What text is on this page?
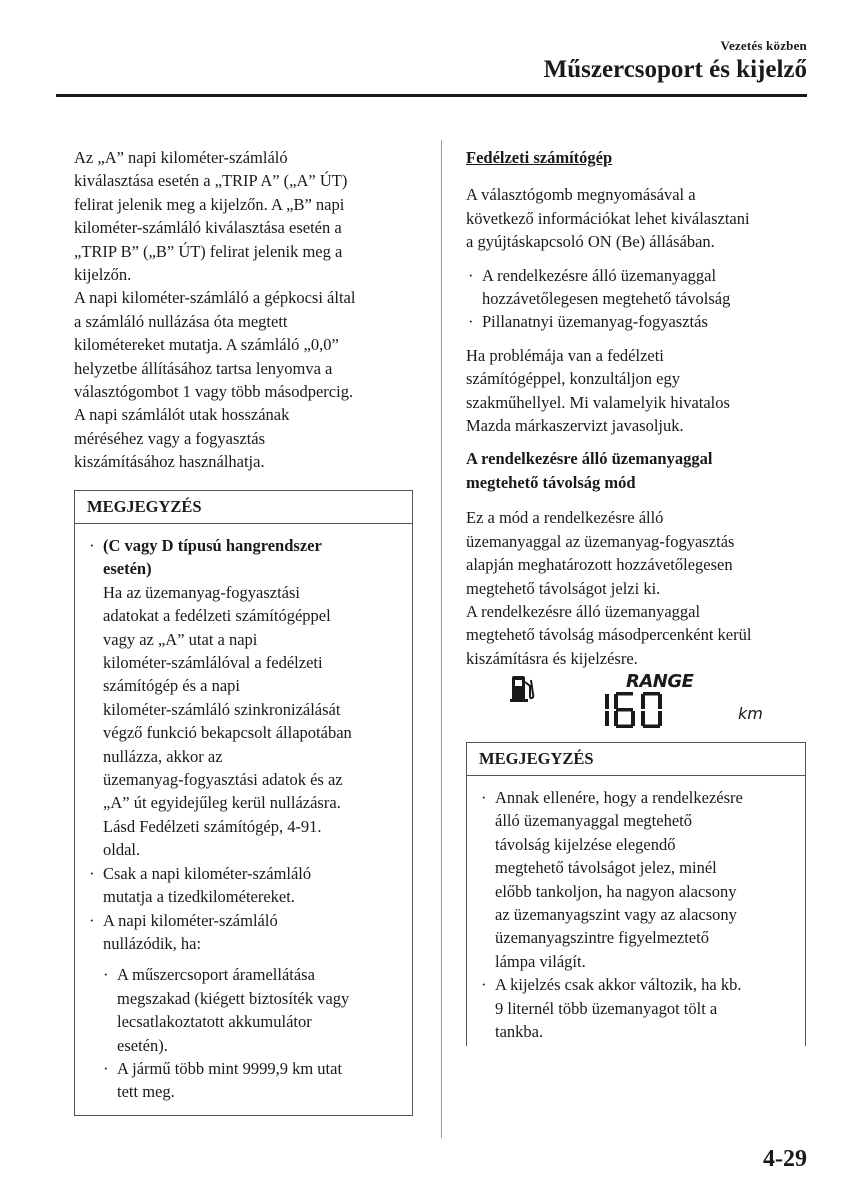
Vezetés közben
Műszercsoport és kijelző

Az „A” napi kilométer-számláló
kiválasztása esetén a „TRIP A” („A” ÚT)
felirat jelenik meg a kijelzőn. A „B” napi
kilométer-számláló kiválasztása esetén a
„TRIP B” („B” ÚT) felirat jelenik meg a
kijelzőn.

A napi kilométer-számláló a gépkocsi által
a számláló nullázása óta megtett
kilométereket mutatja. A számláló „0,0”
helyzetbe állításához tartsa lenyomva a
választógombot 1 vagy több másodpercig.
A napi számlálót utak hosszának
méréséhez vagy a fogyasztás
kiszámításához használhatja.

MEGJEGYZÉS
· (C vagy D típusú hangrendszer
esetén)
Ha az üzemanyag-fogyasztási
adatokat a fedélzeti számítógéppel
vagy az „A” utat a napi
kilométer-számlálóval a fedélzeti
számítógép és a napi
kilométer-számláló szinkronizálását
végző funkció bekapcsolt állapotában
nullázza, akkor az
üzemanyag-fogyasztási adatok és az
„A” út egyidejűleg kerül nullázásra.
Lásd Fedélzeti számítógép, 4-91.
oldal.
· Csak a napi kilométer-számláló
mutatja a tizedkilométereket.
· A napi kilométer-számláló
nullázódik, ha:
· A műszercsoport áramellátása
megszakad (kiégett biztosíték vagy
lecsatlakoztatott akkumulátor
esetén).
· A jármű több mint 9999,9 km utat
tett meg.

Fedélzeti számítógép

A választógomb megnyomásával a
következő információkat lehet kiválasztani
a gyújtáskapcsoló ON (Be) állásában.

· A rendelkezésre álló üzemanyaggal
hozzávetőlegesen megtehető távolság
· Pillanatnyi üzemanyag-fogyasztás

Ha problémája van a fedélzeti
számítógéppel, konzultáljon egy
szakműhellyel. Mi valamelyik hivatalos
Mazda márkaszervizt javasoljuk.

A rendelkezésre álló üzemanyaggal
megtehető távolság mód

Ez a mód a rendelkezésre álló
üzemanyaggal az üzemanyag-fogyasztás
alapján meghatározott hozzávetőlegesen
megtehető távolságot jelzi ki.

A rendelkezésre álló üzemanyaggal
megtehető távolság másodpercenként kerül
kiszámításra és kijelzésre.

RANGE
km
MEGJEGYZÉS
· Annak ellenére, hogy a rendelkezésre
álló üzemanyaggal megtehető
távolság kijelzése elegendő
megtehető távolságot jelez, minél
előbb tankoljon, ha nagyon alacsony
az üzemanyagszint vagy az alacsony
üzemanyagszintre figyelmeztető
lámpa világít.
· A kijelzés csak akkor változik, ha kb.
9 liternél több üzemanyagot tölt a
tankba.
4-29
